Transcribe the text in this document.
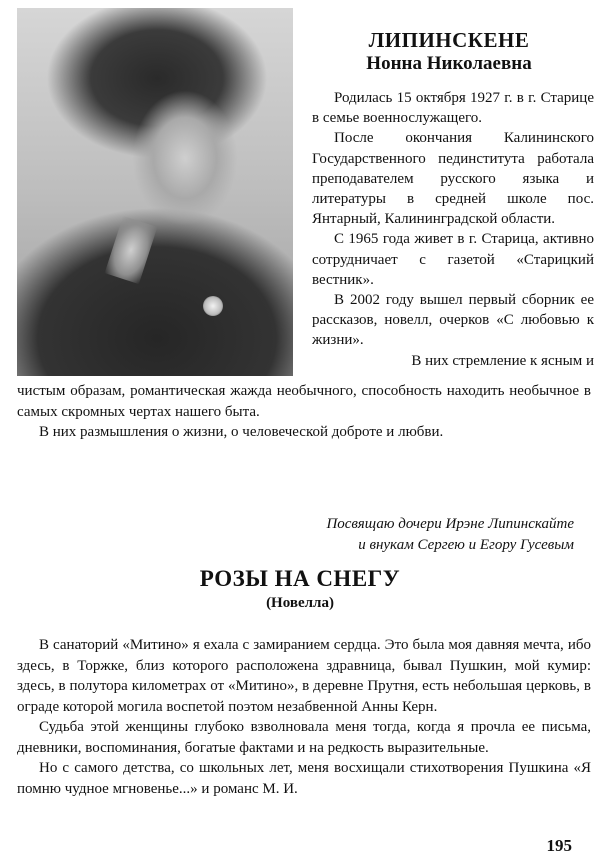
ЛИПИНСКЕНЕ
Нонна Николаевна

Родилась 15 октября 1927 г. в г. Старице в семье военнослужащего.

После окончания Калининского Государственного пединститута работала преподавателем русского языка и литературы в средней школе пос. Янтарный, Калининградской области.

С 1965 года живет в г. Старица, активно сотрудничает с газетой «Старицкий вестник».

В 2002 году вышел первый сборник ее рассказов, новелл, очерков «С любовью к жизни».

В них стремление к ясным и

чистым образам, романтическая жажда необычного, способность находить необычное в самых скромных чертах нашего быта.

В них размышления о жизни, о человеческой доброте и любви.

Посвящаю дочери Ирэне Липинскайте
и внукам Сергею и Егору Гусевым
РОЗЫ НА СНЕГУ
(Новелла)

В санаторий «Митино» я ехала с замиранием сердца. Это была моя давняя мечта, ибо здесь, в Торжке, близ которого расположена здравница, бывал Пушкин, мой кумир: здесь, в полутора километрах от «Митино», в деревне Прутня, есть небольшая церковь, в ограде которой могила воспетой поэтом незабвенной Анны Керн.

Судьба этой женщины глубоко взволновала меня тогда, когда я прочла ее письма, дневники, воспоминания, богатые фактами и на редкость выразительные.

Но с самого детства, со школьных лет, меня восхищали стихотворения Пушкина «Я помню чудное мгновенье...» и романс М. И.

195
